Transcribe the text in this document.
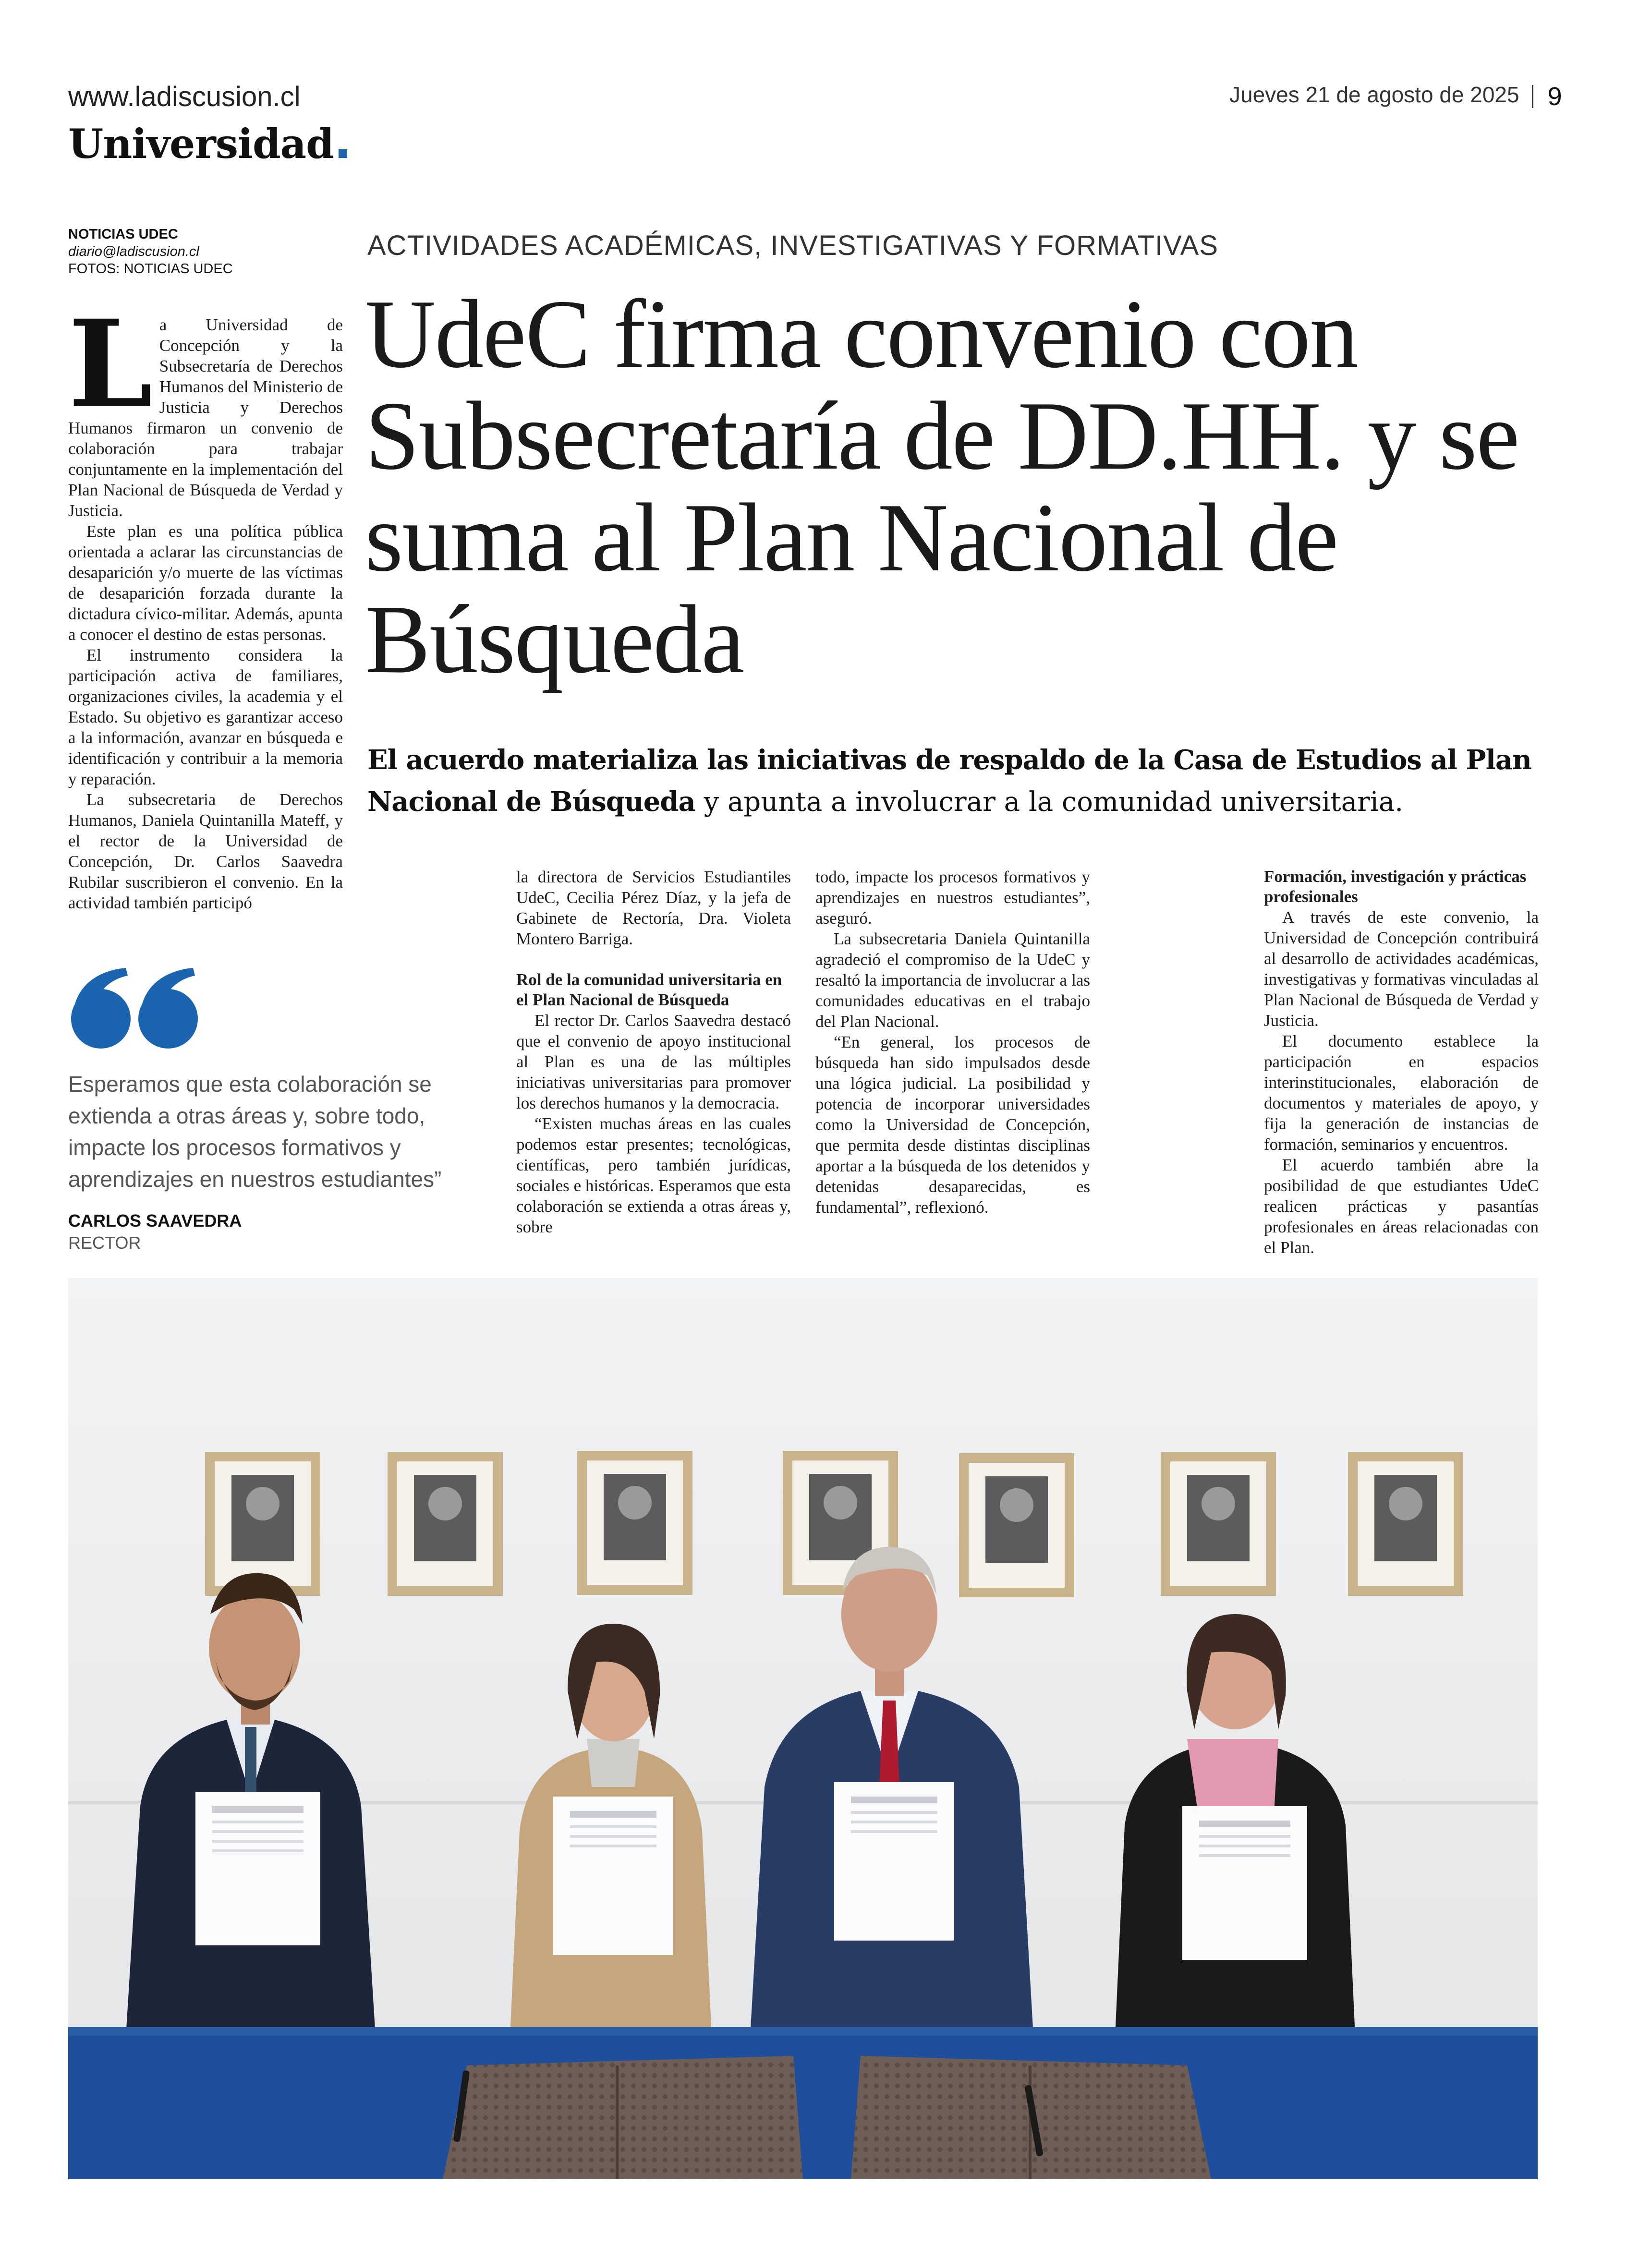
www.ladiscusion.cl
Universidad
Jueves 21 de agosto de 2025 9
NOTICIAS UDEC
diario@ladiscusion.cl
FOTOS: NOTICIAS UDEC
ACTIVIDADES ACADÉMICAS, INVESTIGATIVAS Y FORMATIVAS
UdeC firma convenio con Subsecretaría de DD.HH. y se suma al Plan Nacional de Búsqueda
El acuerdo materializa las iniciativas de respaldo de la Casa de Estudios al Plan Nacional de Búsqueda y apunta a involucrar a la comunidad universitaria.

La Universidad de Concepción y la Subsecretaría de Derechos Humanos del Ministerio de Justicia y Derechos Humanos firmaron un convenio de colaboración para trabajar conjuntamente en la implementación del Plan Nacional de Búsqueda de Verdad y Justicia.

Este plan es una política pública orientada a aclarar las circunstancias de desaparición y/o muerte de las víctimas de desaparición forzada durante la dictadura cívico-militar. Además, apunta a conocer el destino de estas personas.

El instrumento considera la participación activa de familiares, organizaciones civiles, la academia y el Estado. Su objetivo es garantizar acceso a la información, avanzar en búsqueda e identificación y contribuir a la memoria y reparación.

La subsecretaria de Derechos Humanos, Daniela Quintanilla Mateff, y el rector de la Universidad de Concepción, Dr. Carlos Saavedra Rubilar suscribieron el convenio. En la actividad también participó

Esperamos que esta colaboración se extienda a otras áreas y, sobre todo, impacte los procesos formativos y aprendizajes en nuestros estudiantes”
CARLOS SAAVEDRA
RECTOR

la directora de Servicios Estudiantiles UdeC, Cecilia Pérez Díaz, y la jefa de Gabinete de Rectoría, Dra. Violeta Montero Barriga.

Rol de la comunidad universitaria en el Plan Nacional de Búsqueda

El rector Dr. Carlos Saavedra destacó que el convenio de apoyo institucional al Plan es una de las múltiples iniciativas universitarias para promover los derechos humanos y la democracia.

“Existen muchas áreas en las cuales podemos estar presentes; tecnológicas, científicas, pero también jurídicas, sociales e históricas. Esperamos que esta colaboración se extienda a otras áreas y, sobre

todo, impacte los procesos formativos y aprendizajes en nuestros estudiantes”, aseguró.

La subsecretaria Daniela Quintanilla agradeció el compromiso de la UdeC y resaltó la importancia de involucrar a las comunidades educativas en el trabajo del Plan Nacional.

“En general, los procesos de búsqueda han sido impulsados desde una lógica judicial. La posibilidad y potencia de incorporar universidades como la Universidad de Concepción, que permita desde distintas disciplinas aportar a la búsqueda de los detenidos y detenidas desaparecidas, es fundamental”, reflexionó.

Formación, investigación y prácticas profesionales

A través de este convenio, la Universidad de Concepción contribuirá al desarrollo de actividades académicas, investigativas y formativas vinculadas al Plan Nacional de Búsqueda de Verdad y Justicia.

El documento establece la participación en espacios interinstitucionales, elaboración de documentos y materiales de apoyo, y fija la generación de instancias de formación, seminarios y encuentros.

El acuerdo también abre la posibilidad de que estudiantes UdeC realicen prácticas y pasantías profesionales en áreas relacionadas con el Plan.
